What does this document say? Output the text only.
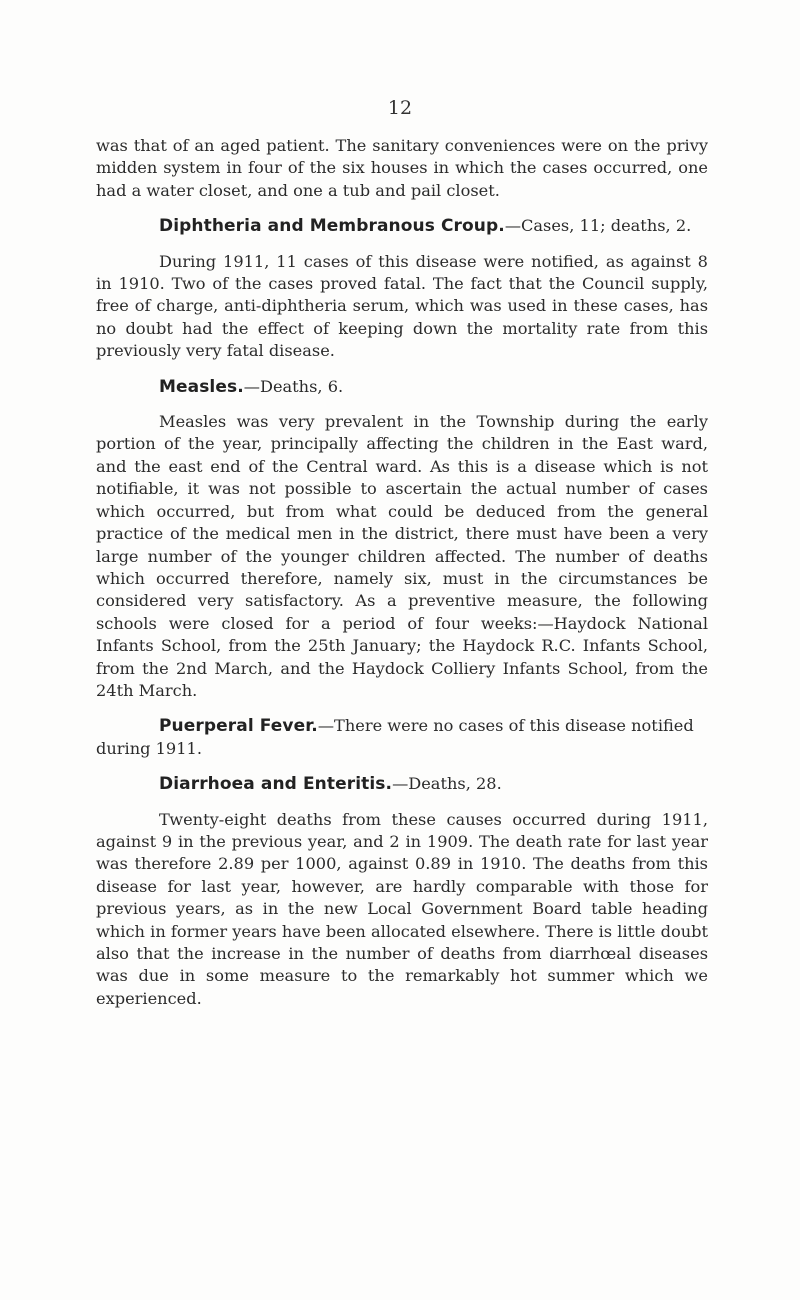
12

was that of an aged patient. The sanitary conveniences were on the privy midden system in four of the six houses in which the cases occurred, one had a water closet, and one a tub and pail closet.

Diphtheria and Membranous Croup.—Cases, 11; deaths, 2.

During 1911, 11 cases of this disease were notified, as against 8 in 1910. Two of the cases proved fatal. The fact that the Council supply, free of charge, anti-diphtheria serum, which was used in these cases, has no doubt had the effect of keeping down the mortality rate from this previously very fatal disease.

Measles.—Deaths, 6.

Measles was very prevalent in the Township during the early portion of the year, principally affecting the children in the East ward, and the east end of the Central ward. As this is a disease which is not notifiable, it was not possible to ascertain the actual number of cases which occurred, but from what could be deduced from the general practice of the medical men in the district, there must have been a very large number of the younger children affected. The number of deaths which occurred therefore, namely six, must in the circumstances be considered very satisfactory. As a preventive measure, the following schools were closed for a period of four weeks:—Haydock National Infants School, from the 25th January; the Haydock R.C. Infants School, from the 2nd March, and the Haydock Colliery Infants School, from the 24th March.

Puerperal Fever.—There were no cases of this disease notified during 1911.

Diarrhoea and Enteritis.—Deaths, 28.

Twenty-eight deaths from these causes occurred during 1911, against 9 in the previous year, and 2 in 1909. The death rate for last year was therefore 2.89 per 1000, against 0.89 in 1910. The deaths from this disease for last year, however, are hardly comparable with those for previous years, as in the new Local Government Board table heading which in former years have been allocated elsewhere. There is little doubt also that the increase in the number of deaths from diarrhœal diseases was due in some measure to the remarkably hot summer which we experienced.
